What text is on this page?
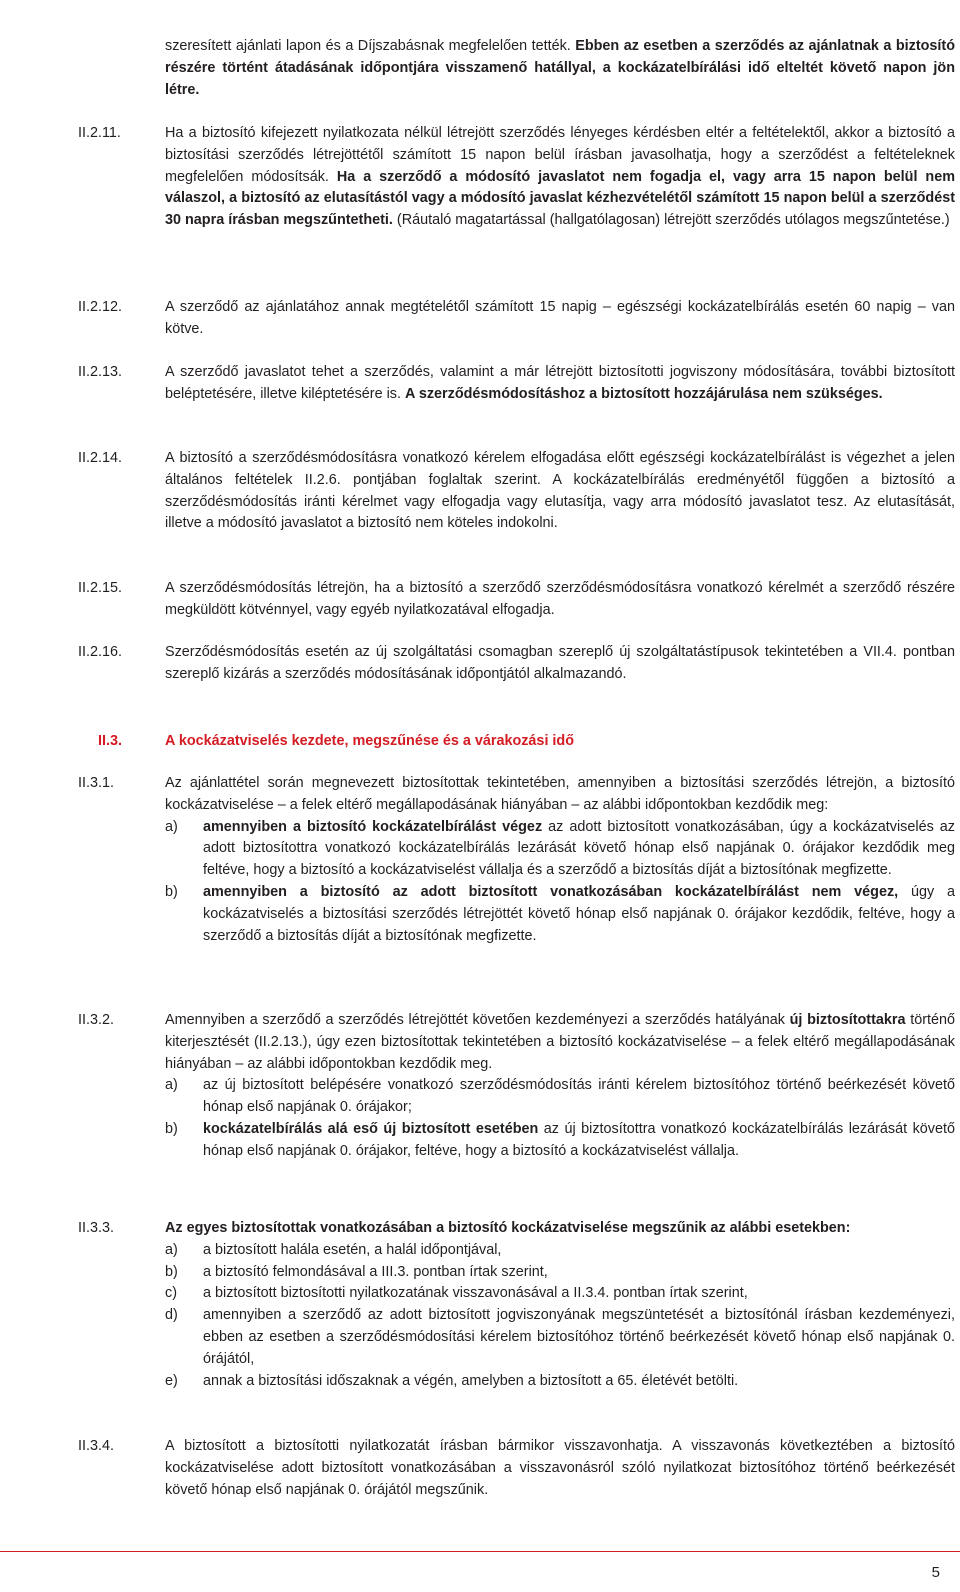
szeresített ajánlati lapon és a Díjszabásnak megfelelően tették. Ebben az esetben a szerződés az ajánlatnak a biztosító részére történt átadásának időpontjára visszamenő hatállyal, a kockázatelbírálási idő elteltét követő napon jön létre.
II.2.11.	Ha a biztosító kifejezett nyilatkozata nélkül létrejött szerződés lényeges kérdésben eltér a feltételektől, akkor a biztosító a biztosítási szerződés létrejöttétől számított 15 napon belül írásban javasolhatja, hogy a szerződést a feltételeknek megfelelően módosítsák. Ha a szerződő a módosító javaslatot nem fogadja el, vagy arra 15 napon belül nem válaszol, a biztosító az elutasítástól vagy a módosító javaslat kézhezvételétől számított 15 napon belül a szerződést 30 napra írásban megszűntetheti. (Ráutaló magatartással (hallgatólagosan) létrejött szerződés utólagos megszűntetése.)
II.2.12.	A szerződő az ajánlatához annak megtételétől számított 15 napig – egészségi kockázatelbírálás esetén 60 napig – van kötve.
II.2.13.	A szerződő javaslatot tehet a szerződés, valamint a már létrejött biztosítotti jogviszony módosítására, további biztosított beléptetésére, illetve kiléptetésére is. A szerződésmódosításhoz a biztosított hozzájárulása nem szükséges.
II.2.14.	A biztosító a szerződésmódosításra vonatkozó kérelem elfogadása előtt egészségi kockázatelbírálást is végezhet a jelen általános feltételek II.2.6. pontjában foglaltak szerint. A kockázatelbírálás eredményétől függően a biztosító a szerződésmódosítás iránti kérelmet vagy elfogadja vagy elutasítja, vagy arra módosító javaslatot tesz. Az elutasítását, illetve a módosító javaslatot a biztosító nem köteles indokolni.
II.2.15.	A szerződésmódosítás létrejön, ha a biztosító a szerződő szerződésmódosításra vonatkozó kérelmét a szerződő részére megküldött kötvénnyel, vagy egyéb nyilatkozatával elfogadja.
II.2.16.	Szerződésmódosítás esetén az új szolgáltatási csomagban szereplő új szolgáltatástípusok tekintetében a VII.4. pontban szereplő kizárás a szerződés módosításának időpontjától alkalmazandó.
II.3.	A kockázatviselés kezdete, megszűnése és a várakozási idő
II.3.1.	Az ajánlattétel során megnevezett biztosítottak tekintetében, amennyiben a biztosítási szerződés létrejön, a biztosító kockázatviselése – a felek eltérő megállapodásának hiányában – az alábbi időpontokban kezdődik meg:
a) amennyiben a biztosító kockázatelbírálást végez az adott biztosított vonatkozásában, úgy a kockázatviselés az adott biztosítottra vonatkozó kockázatelbírálás lezárását követő hónap első napjának 0. órájakor kezdődik meg feltéve, hogy a biztosító a kockázatviselést vállalja és a szerződő a biztosítás díját a biztosítónak megfizette.
b) amennyiben a biztosító az adott biztosított vonatkozásában kockázatelbírálást nem végez, úgy a kockázatviselés a biztosítási szerződés létrejöttét követő hónap első napjának 0. órájakor kezdődik, feltéve, hogy a szerződő a biztosítás díját a biztosítónak megfizette.
II.3.2.	Amennyiben a szerződő a szerződés létrejöttét követően kezdeményezi a szerződés hatályának új biztosítottakra történő kiterjesztését (II.2.13.), úgy ezen biztosítottak tekintetében a biztosító kockázatviselése – a felek eltérő megállapodásának hiányában – az alábbi időpontokban kezdődik meg.
a) az új biztosított belépésére vonatkozó szerződésmódosítás iránti kérelem biztosítóhoz történő beérkezését követő hónap első napjának 0. órájakor;
b) kockázatelbírálás alá eső új biztosított esetében az új biztosítottra vonatkozó kockázatelbírálás lezárását követő hónap első napjának 0. órájakor, feltéve, hogy a biztosító a kockázatviselést vállalja.
II.3.3.	Az egyes biztosítottak vonatkozásában a biztosító kockázatviselése megszűnik az alábbi esetekben:
a) a biztosított halála esetén, a halál időpontjával,
b) a biztosító felmondásával a III.3. pontban írtak szerint,
c) a biztosított biztosítotti nyilatkozatának visszavonásával a II.3.4. pontban írtak szerint,
d) amennyiben a szerződő az adott biztosított jogviszonyának megszüntetését a biztosítónál írásban kezdeményezi, ebben az esetben a szerződésmódosítási kérelem biztosítóhoz történő beérkezését követő hónap első napjának 0. órájától,
e) annak a biztosítási időszaknak a végén, amelyben a biztosított a 65. életévét betölti.
II.3.4.	A biztosított a biztosítotti nyilatkozatát írásban bármikor visszavonhatja. A visszavonás következtében a biztosító kockázatviselése adott biztosított vonatkozásában a visszavonásról szóló nyilatkozat biztosítóhoz történő beérkezését követő hónap első napjának 0. órájától megszűnik.
5
